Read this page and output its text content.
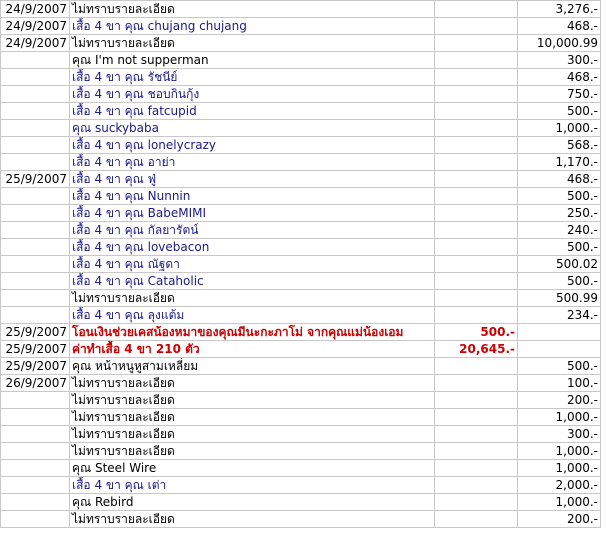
24/9/2007	ไม่ทราบรายละเอียด		3,276.-
24/9/2007	เสื้อ 4 ขา คุณ chujang chujang		468.-
24/9/2007	ไม่ทราบรายละเอียด		10,000.99
	คุณ I'm not supperman		300.-
	เสื้อ 4 ขา คุณ รัชนีย์		468.-
	เสื้อ 4 ขา คุณ ชอบกินกุ้ง		750.-
	เสื้อ 4 ขา คุณ fatcupid		500.-
	คุณ suckybaba		1,000.-
	เสื้อ 4 ขา คุณ lonelycrazy		568.-
	เสื้อ 4 ขา คุณ อาย่า		1,170.-
25/9/2007	เสื้อ 4 ขา คุณ ฟู่		468.-
	เสื้อ 4 ขา คุณ Nunnin		500.-
	เสื้อ 4 ขา คุณ BabeMIMI		250.-
	เสื้อ 4 ขา คุณ กัลยารัตน์		240.-
	เสื้อ 4 ขา คุณ lovebacon		500.-
	เสื้อ 4 ขา คุณ ณัฐดา		500.02
	เสื้อ 4 ขา คุณ Cataholic		500.-
	ไม่ทราบรายละเอียด		500.99
	เสื้อ 4 ขา คุณ ลุงแต้ม		234.-
25/9/2007	โอนเงินช่วยเคสน้องหมาของคุณมีนะกะภาโม่ จากคุณแม่น้องเอม	500.-	
25/9/2007	ค่าทำเสื้อ 4 ขา 210 ตัว	20,645.-	
25/9/2007	คุณ หน้าหนูหูสามเหลี่ยม		500.-
26/9/2007	ไม่ทราบรายละเอียด		100.-
	ไม่ทราบรายละเอียด		200.-
	ไม่ทราบรายละเอียด		1,000.-
	ไม่ทราบรายละเอียด		300.-
	ไม่ทราบรายละเอียด		1,000.-
	คุณ Steel Wire		1,000.-
	เสื้อ 4 ขา คุณ เต่า		2,000.-
	คุณ Rebird		1,000.-
	ไม่ทราบรายละเอียด		200.-
